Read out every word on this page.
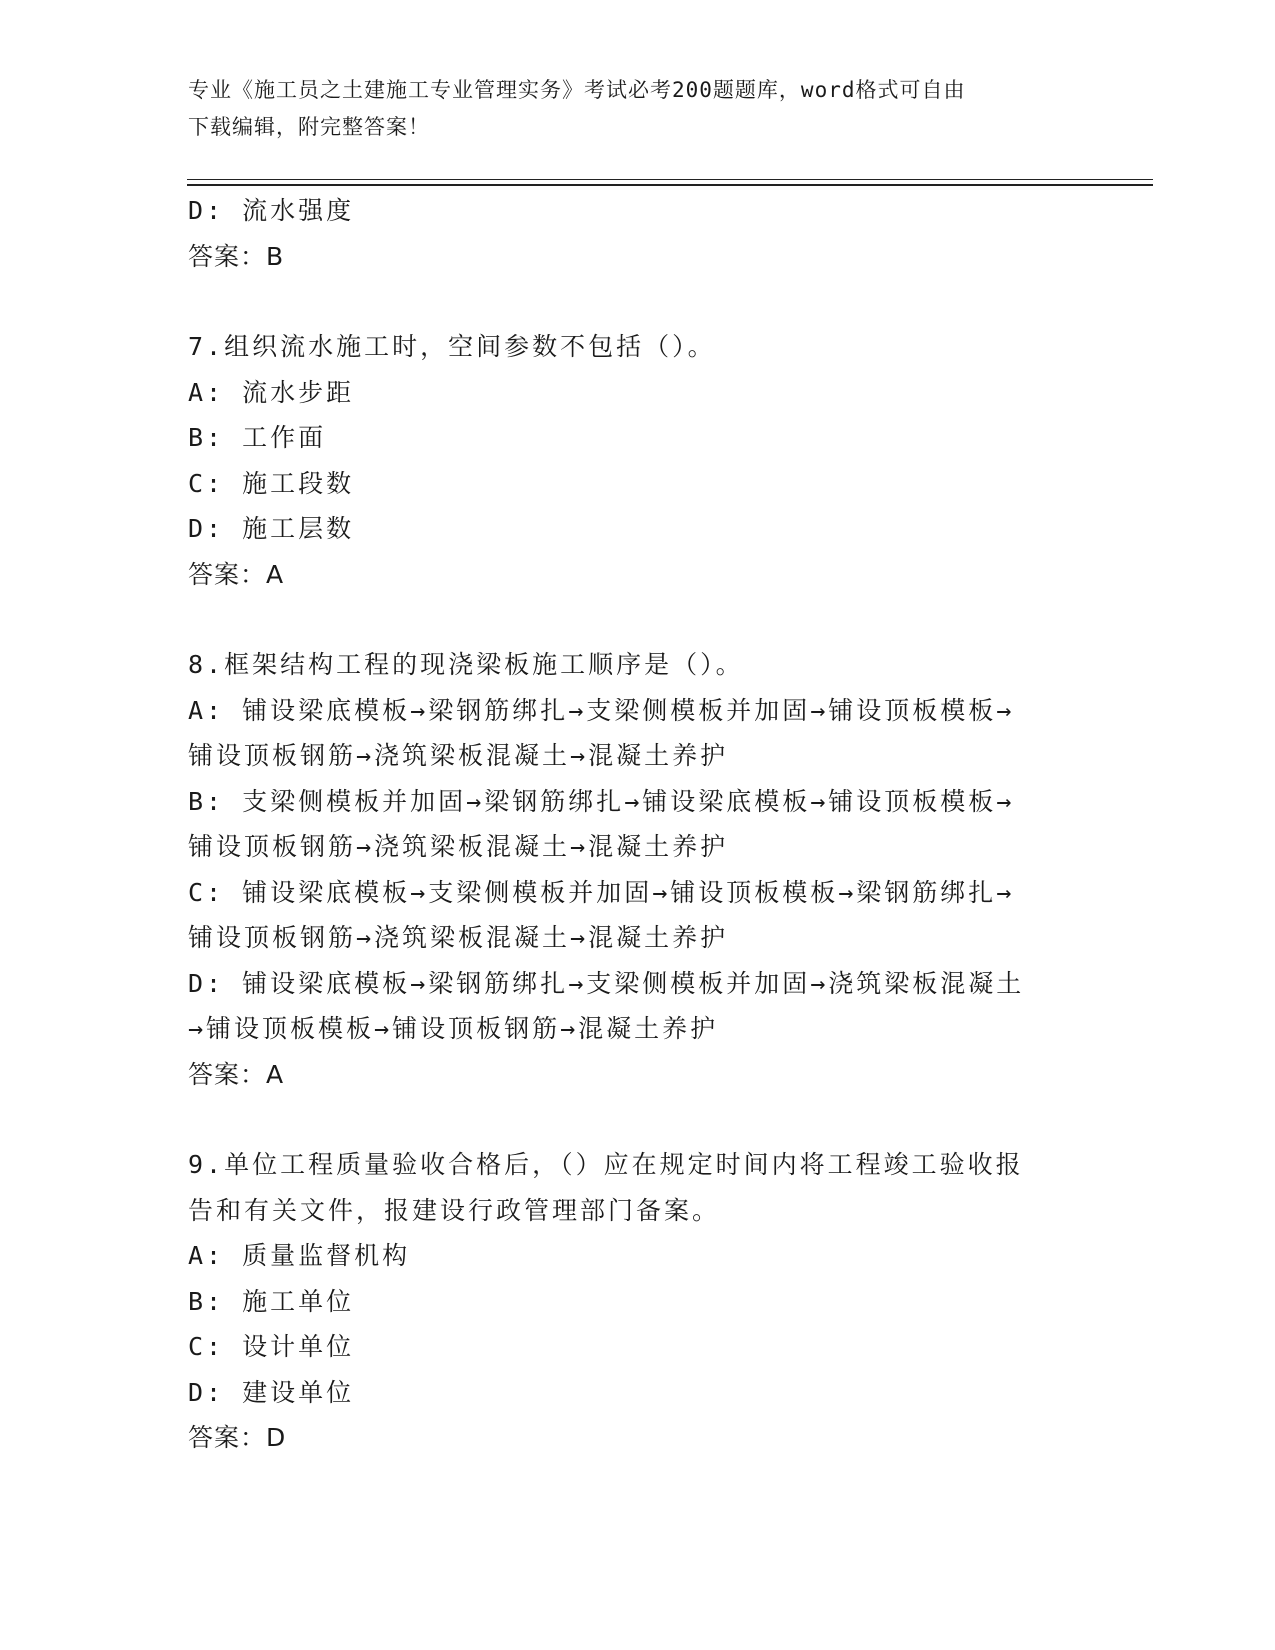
专业《施工员之土建施工专业管理实务》考试必考200题题库，word格式可自由
下载编辑，附完整答案！
D: 流水强度
答案：B
7.组织流水施工时，空间参数不包括（）。
A: 流水步距
B: 工作面
C: 施工段数
D: 施工层数
答案：A
8.框架结构工程的现浇梁板施工顺序是（）。
A: 铺设梁底模板→梁钢筋绑扎→支梁侧模板并加固→铺设顶板模板→
铺设顶板钢筋→浇筑梁板混凝土→混凝土养护
B: 支梁侧模板并加固→梁钢筋绑扎→铺设梁底模板→铺设顶板模板→
铺设顶板钢筋→浇筑梁板混凝土→混凝土养护
C: 铺设梁底模板→支梁侧模板并加固→铺设顶板模板→梁钢筋绑扎→
铺设顶板钢筋→浇筑梁板混凝土→混凝土养护
D: 铺设梁底模板→梁钢筋绑扎→支梁侧模板并加固→浇筑梁板混凝土
→铺设顶板模板→铺设顶板钢筋→混凝土养护
答案：A
9.单位工程质量验收合格后，（）应在规定时间内将工程竣工验收报
告和有关文件，报建设行政管理部门备案。
A: 质量监督机构
B: 施工单位
C: 设计单位
D: 建设单位
答案：D
